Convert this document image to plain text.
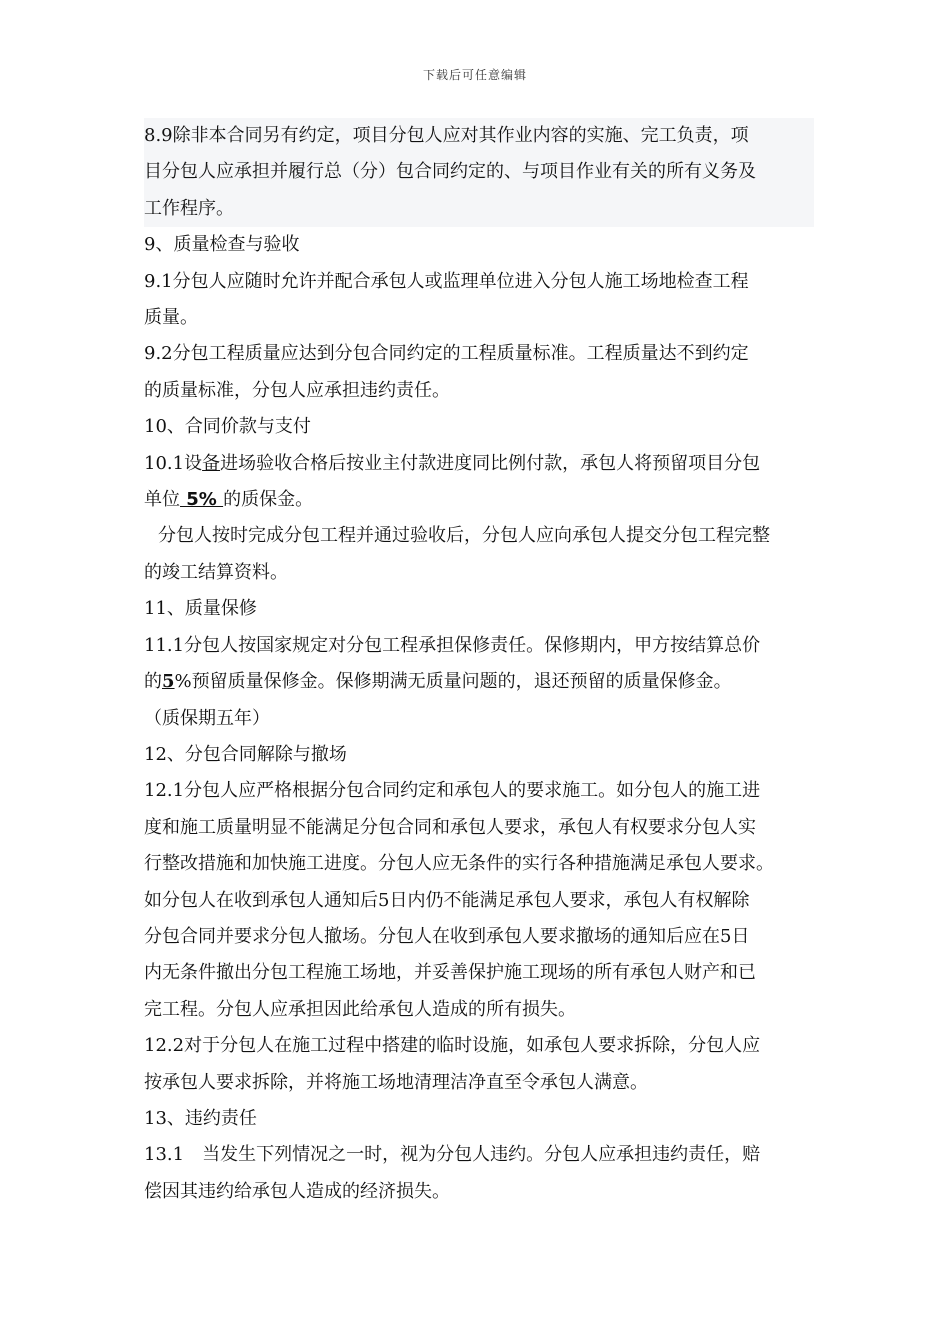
下载后可任意编辑

8.9除非本合同另有约定，项目分包人应对其作业内容的实施、完工负责，项

目分包人应承担并履行总（分）包合同约定的、与项目作业有关的所有义务及

工作程序。

9、质量检查与验收

9.1分包人应随时允许并配合承包人或监理单位进入分包人施工场地检查工程

质量。

9.2分包工程质量应达到分包合同约定的工程质量标准。工程质量达不到约定

的质量标准，分包人应承担违约责任。

10、合同价款与支付

10.1设备进场验收合格后按业主付款进度同比例付款，承包人将预留项目分包

单位 5% 的质保金。

分包人按时完成分包工程并通过验收后，分包人应向承包人提交分包工程完整

的竣工结算资料。

11、质量保修

11.1分包人按国家规定对分包工程承担保修责任。保修期内，甲方按结算总价

的5%预留质量保修金。保修期满无质量问题的，退还预留的质量保修金。

（质保期五年）

12、分包合同解除与撤场

12.1分包人应严格根据分包合同约定和承包人的要求施工。如分包人的施工进

度和施工质量明显不能满足分包合同和承包人要求，承包人有权要求分包人实

行整改措施和加快施工进度。分包人应无条件的实行各种措施满足承包人要求。

如分包人在收到承包人通知后5日内仍不能满足承包人要求，承包人有权解除

分包合同并要求分包人撤场。分包人在收到承包人要求撤场的通知后应在5日

内无条件撤出分包工程施工场地，并妥善保护施工现场的所有承包人财产和已

完工程。分包人应承担因此给承包人造成的所有损失。

12.2对于分包人在施工过程中搭建的临时设施，如承包人要求拆除，分包人应

按承包人要求拆除，并将施工场地清理洁净直至令承包人满意。

13、违约责任

13.1　当发生下列情况之一时，视为分包人违约。分包人应承担违约责任，赔

偿因其违约给承包人造成的经济损失。
